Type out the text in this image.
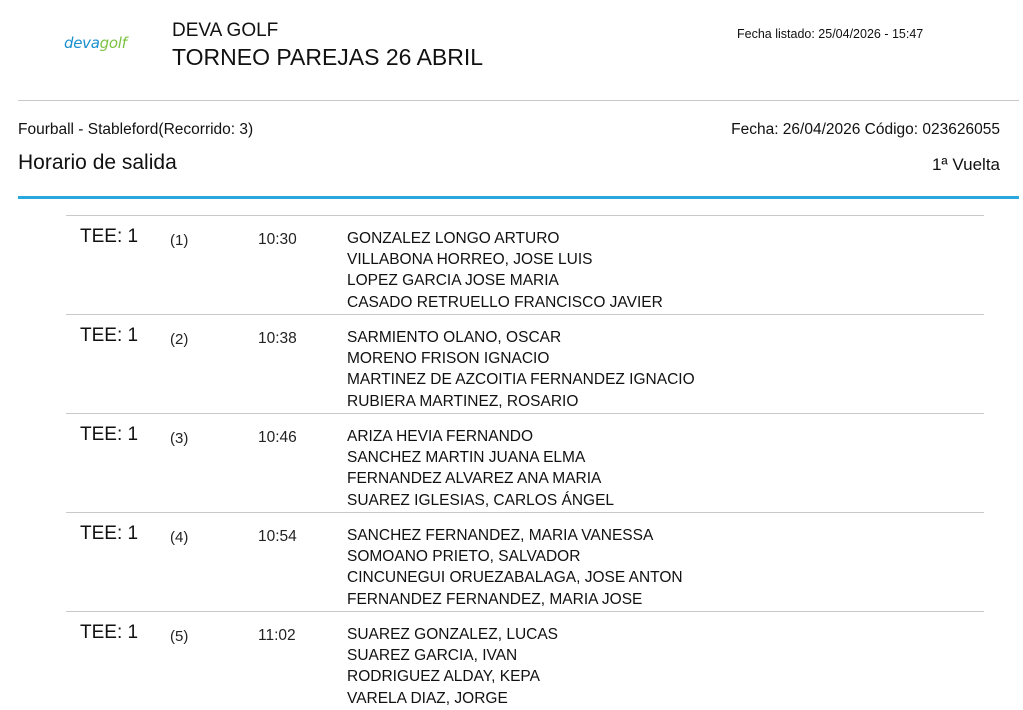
devagolf
DEVA GOLF
TORNEO PAREJAS 26 ABRIL
Fecha listado: 25/04/2026 - 15:47
Fourball - Stableford(Recorrido: 3)	Fecha: 26/04/2026 Código: 023626055
Horario de salida	1ª Vuelta
TEE: 1 (1)	10:30	GONZALEZ LONGO ARTURO
VILLABONA HORREO, JOSE LUIS
LOPEZ GARCIA JOSE MARIA
CASADO RETRUELLO FRANCISCO JAVIER
TEE: 1 (2)	10:38	SARMIENTO OLANO, OSCAR
MORENO FRISON IGNACIO
MARTINEZ DE AZCOITIA FERNANDEZ IGNACIO
RUBIERA MARTINEZ, ROSARIO
TEE: 1 (3)	10:46	ARIZA HEVIA FERNANDO
SANCHEZ MARTIN JUANA ELMA
FERNANDEZ ALVAREZ ANA MARIA
SUAREZ IGLESIAS, CARLOS ÁNGEL
TEE: 1 (4)	10:54	SANCHEZ FERNANDEZ, MARIA VANESSA
SOMOANO PRIETO, SALVADOR
CINCUNEGUI ORUEZABALAGA, JOSE ANTON
FERNANDEZ FERNANDEZ, MARIA JOSE
TEE: 1 (5)	11:02	SUAREZ GONZALEZ, LUCAS
SUAREZ GARCIA, IVAN
RODRIGUEZ ALDAY, KEPA
VARELA DIAZ, JORGE
